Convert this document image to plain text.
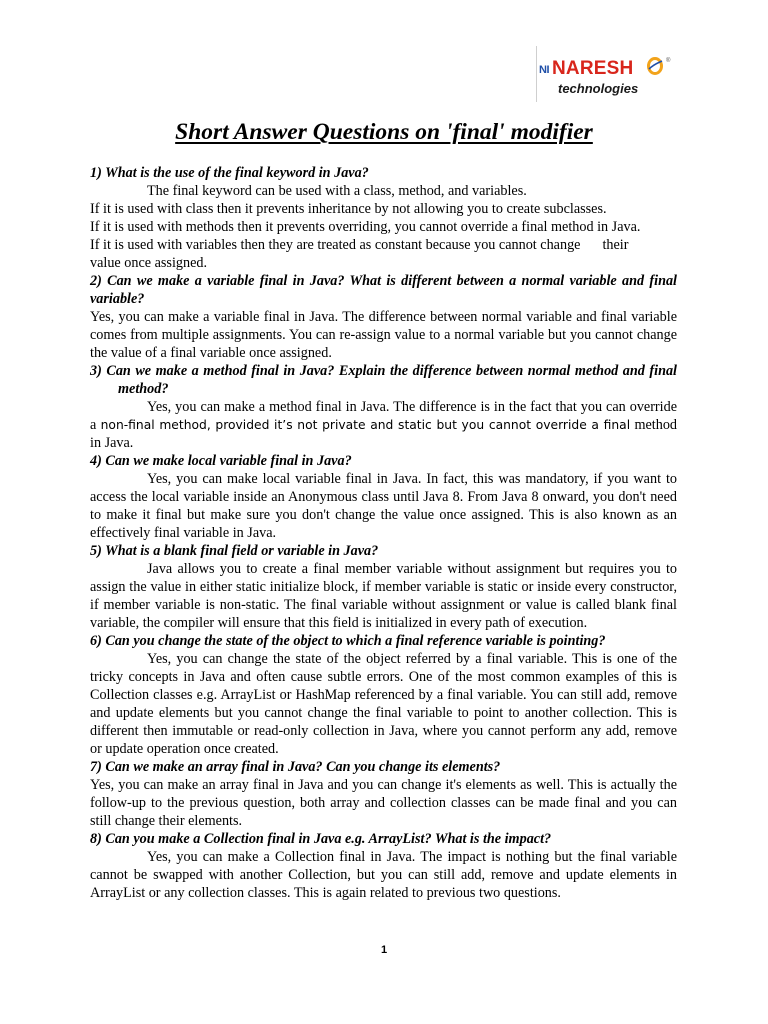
NI NARESH	®
technologies
Short Answer Questions on 'final' modifier

1) What is the use of the final keyword in Java?

The final keyword can be used with a class, method, and variables.

If it is used with class then it prevents inheritance by not allowing you to create subclasses.

If it is used with methods then it prevents overriding, you cannot override a final method in Java.

If it is used with variables then they are treated as constant because you cannot change their

value once assigned.

2) Can we make a variable final in Java? What is different between a normal variable and final variable?

Yes, you can make a variable final in Java. The difference between normal variable and final variable comes from multiple assignments. You can re-assign value to a normal variable but you cannot change the value of a final variable once assigned.

3) Can we make a method final in Java? Explain the difference between normal method and final method?

Yes, you can make a method final in Java. The difference is in the fact that you can override a non-final method, provided it’s not private and static but you cannot override a final method in Java.

4) Can we make local variable final in Java?

Yes, you can make local variable final in Java. In fact, this was mandatory, if you want to access the local variable inside an Anonymous class until Java 8. From Java 8 onward, you don't need to make it final but make sure you don't change the value once assigned. This is also known as an effectively final variable in Java.

5) What is a blank final field or variable in Java?

Java allows you to create a final member variable without assignment but requires you to assign the value in either static initialize block, if member variable is static or inside every constructor, if member variable is non-static. The final variable without assignment or value is called blank final variable, the compiler will ensure that this field is initialized in every path of execution.

6) Can you change the state of the object to which a final reference variable is pointing?

Yes, you can change the state of the object referred by a final variable. This is one of the tricky concepts in Java and often cause subtle errors. One of the most common examples of this is Collection classes e.g. ArrayList or HashMap referenced by a final variable. You can still add, remove and update elements but you cannot change the final variable to point to another collection. This is different then immutable or read-only collection in Java, where you cannot perform any add, remove or update operation once created.

7) Can we make an array final in Java? Can you change its elements?

Yes, you can make an array final in Java and you can change it's elements as well. This is actually the follow-up to the previous question, both array and collection classes can be made final and you can still change their elements.

8) Can you make a Collection final in Java e.g. ArrayList? What is the impact?

Yes, you can make a Collection final in Java. The impact is nothing but the final variable cannot be swapped with another Collection, but you can still add, remove and update elements in ArrayList or any collection classes. This is again related to previous two questions.

1
